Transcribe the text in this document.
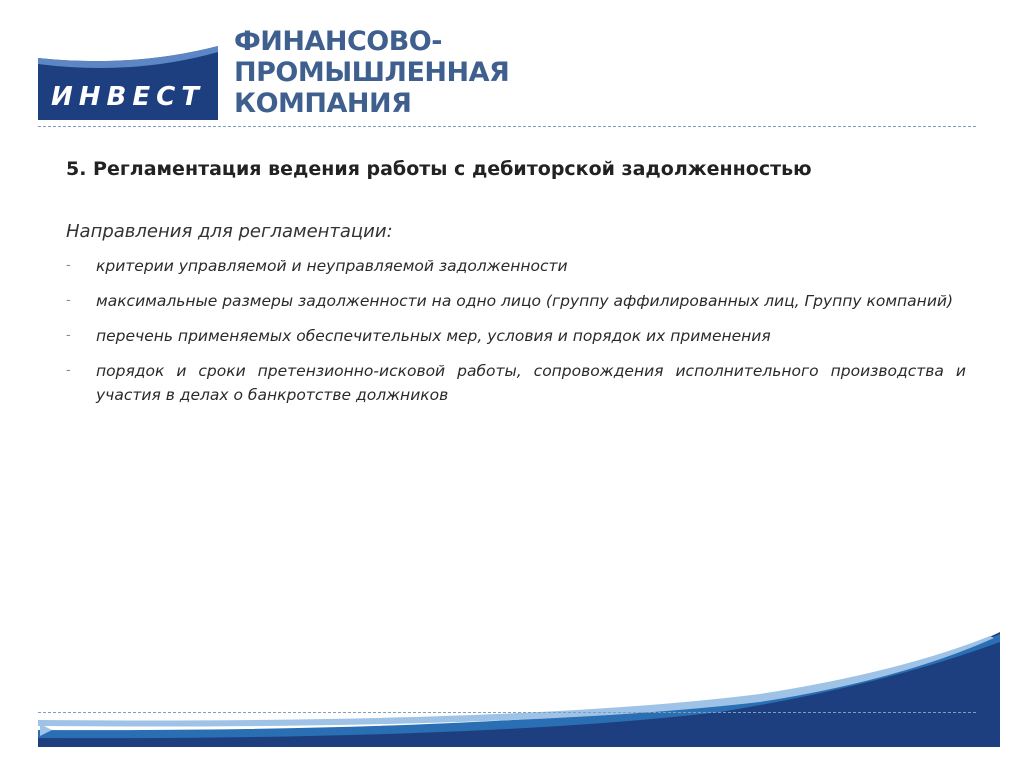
ИНВЕСТ
ФИНАНСОВО-
ПРОМЫШЛЕННАЯ
КОМПАНИЯ
5. Регламентация ведения работы с дебиторской задолженностью

Направления для регламентации:

- критерии управляемой и неуправляемой задолженности
- максимальные размеры задолженности на одно лицо (группу аффилированных лиц, Группу компаний)
- перечень применяемых обеспечительных мер, условия и порядок их применения
- порядок и сроки претензионно-исковой работы, сопровождения исполнительного производства и участия в делах о банкротстве должников
